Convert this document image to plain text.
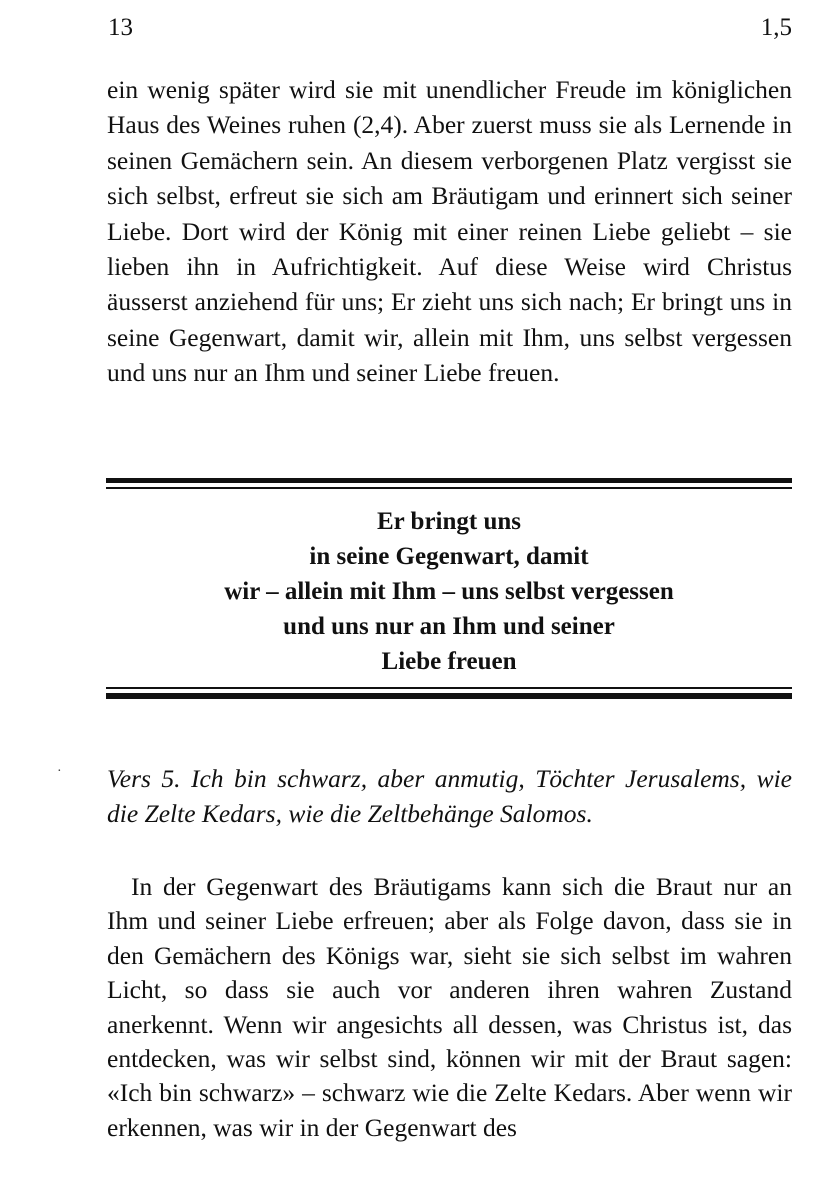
13	1,5

ein wenig später wird sie mit unendlicher Freude im königlichen Haus des Weines ruhen (2,4). Aber zuerst muss sie als Lernende in seinen Gemächern sein. An diesem verborgenen Platz vergisst sie sich selbst, erfreut sie sich am Bräutigam und erinnert sich seiner Liebe. Dort wird der König mit einer reinen Liebe geliebt – sie lieben ihn in Aufrichtigkeit. Auf diese Weise wird Christus äusserst anziehend für uns; Er zieht uns sich nach; Er bringt uns in seine Gegenwart, damit wir, allein mit Ihm, uns selbst vergessen und uns nur an Ihm und seiner Liebe freuen.

Er bringt uns
in seine Gegenwart, damit
wir – allein mit Ihm – uns selbst vergessen
und uns nur an Ihm und seiner
Liebe freuen

· Vers 5. Ich bin schwarz, aber anmutig, Töchter Jerusalems, wie die Zelte Kedars, wie die Zeltbehänge Salomos.

In der Gegenwart des Bräutigams kann sich die Braut nur an Ihm und seiner Liebe erfreuen; aber als Folge davon, dass sie in den Gemächern des Königs war, sieht sie sich selbst im wahren Licht, so dass sie auch vor anderen ihren wahren Zustand anerkennt. Wenn wir angesichts all dessen, was Christus ist, das entdecken, was wir selbst sind, können wir mit der Braut sagen: «Ich bin schwarz» – schwarz wie die Zelte Kedars. Aber wenn wir erkennen, was wir in der Gegenwart des
